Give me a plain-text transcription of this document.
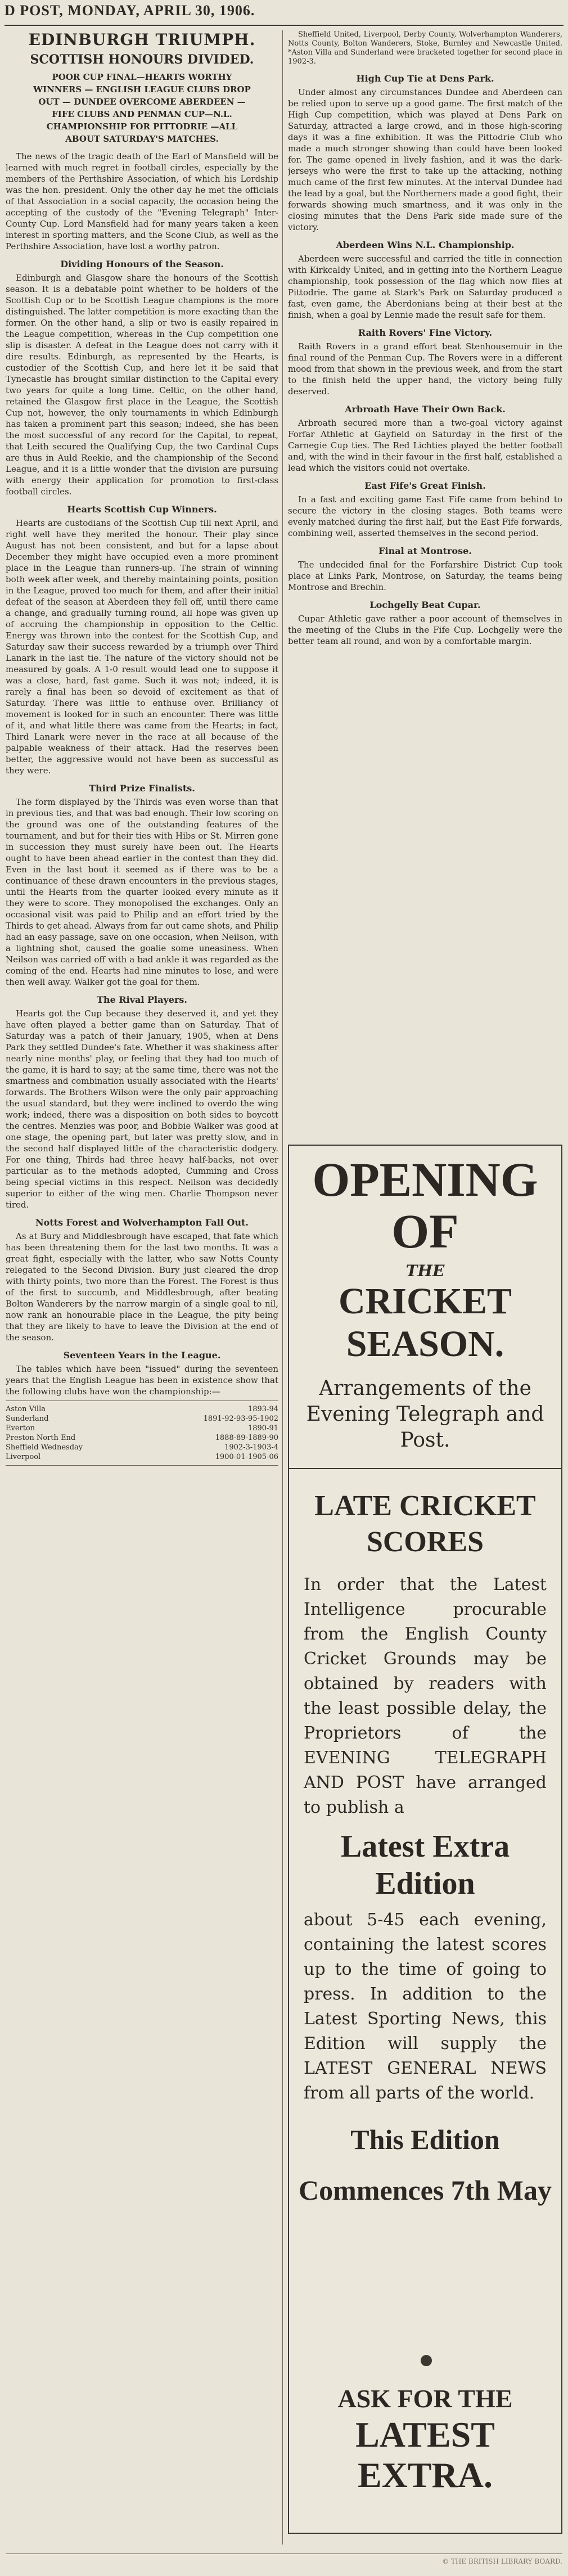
D POST, MONDAY, APRIL 30, 1906.
EDINBURGH TRIUMPH.
SCOTTISH HONOURS DIVIDED.
POOR CUP FINAL—HEARTS WORTHY WINNERS — ENGLISH LEAGUE CLUBS DROP OUT — DUNDEE OVERCOME ABERDEEN — FIFE CLUBS AND PENMAN CUP—N.L. CHAMPIONSHIP FOR PITTODRIE —ALL ABOUT SATURDAY'S MATCHES.

The news of the tragic death of the Earl of Mansfield will be learned with much regret in football circles, especially by the members of the Perthshire Association, of which his Lordship was the hon. president. Only the other day he met the officials of that Association in a social capacity, the occasion being the accepting of the custody of the "Evening Telegraph" Inter-County Cup. Lord Mansfield had for many years taken a keen interest in sporting matters, and the Scone Club, as well as the Perthshire Association, have lost a worthy patron.

Dividing Honours of the Season.

Edinburgh and Glasgow share the honours of the Scottish season. It is a debatable point whether to be holders of the Scottish Cup or to be Scottish League champions is the more distinguished. The latter competition is more exacting than the former. On the other hand, a slip or two is easily repaired in the League competition, whereas in the Cup competition one slip is disaster. A defeat in the League does not carry with it dire results. Edinburgh, as represented by the Hearts, is custodier of the Scottish Cup, and here let it be said that Tynecastle has brought similar distinction to the Capital every two years for quite a long time. Celtic, on the other hand, retained the Glasgow first place in the League, the Scottish Cup not, however, the only tournaments in which Edinburgh has taken a prominent part this season; indeed, she has been the most successful of any record for the Capital, to repeat, that Leith secured the Qualifying Cup, the two Cardinal Cups are thus in Auld Reekie, and the championship of the Second League, and it is a little wonder that the division are pursuing with energy their application for promotion to first-class football circles.

Hearts Scottish Cup Winners.

Hearts are custodians of the Scottish Cup till next April, and right well have they merited the honour. Their play since August has not been consistent, and but for a lapse about December they might have occupied even a more prominent place in the League than runners-up. The strain of winning both week after week, and thereby maintaining points, position in the League, proved too much for them, and after their initial defeat of the season at Aberdeen they fell off, until there came a change, and gradually turning round, all hope was given up of accruing the championship in opposition to the Celtic. Energy was thrown into the contest for the Scottish Cup, and Saturday saw their success rewarded by a triumph over Third Lanark in the last tie. The nature of the victory should not be measured by goals. A 1-0 result would lead one to suppose it was a close, hard, fast game. Such it was not; indeed, it is rarely a final has been so devoid of excitement as that of Saturday. There was little to enthuse over. Brilliancy of movement is looked for in such an encounter. There was little of it, and what little there was came from the Hearts; in fact, Third Lanark were never in the race at all because of the palpable weakness of their attack. Had the reserves been better, the aggressive would not have been as successful as they were.

Third Prize Finalists.

The form displayed by the Thirds was even worse than that in previous ties, and that was bad enough. Their low scoring on the ground was one of the outstanding features of the tournament, and but for their ties with Hibs or St. Mirren gone in succession they must surely have been out. The Hearts ought to have been ahead earlier in the contest than they did. Even in the last bout it seemed as if there was to be a continuance of these drawn encounters in the previous stages, until the Hearts from the quarter looked every minute as if they were to score. They monopolised the exchanges. Only an occasional visit was paid to Philip and an effort tried by the Thirds to get ahead. Always from far out came shots, and Philip had an easy passage, save on one occasion, when Neilson, with a lightning shot, caused the goalie some uneasiness. When Neilson was carried off with a bad ankle it was regarded as the coming of the end. Hearts had nine minutes to lose, and were then well away. Walker got the goal for them.

The Rival Players.

Hearts got the Cup because they deserved it, and yet they have often played a better game than on Saturday. That of Saturday was a patch of their January, 1905, when at Dens Park they settled Dundee's fate. Whether it was shakiness after nearly nine months' play, or feeling that they had too much of the game, it is hard to say; at the same time, there was not the smartness and combination usually associated with the Hearts' forwards. The Brothers Wilson were the only pair approaching the usual standard, but they were inclined to overdo the wing work; indeed, there was a disposition on both sides to boycott the centres. Menzies was poor, and Bobbie Walker was good at one stage, the opening part, but later was pretty slow, and in the second half displayed little of the characteristic dodgery. For one thing, Thirds had three heavy half-backs, not over particular as to the methods adopted, Cumming and Cross being special victims in this respect. Neilson was decidedly superior to either of the wing men. Charlie Thompson never tired.

Notts Forest and Wolverhampton Fall Out.

As at Bury and Middlesbrough have escaped, that fate which has been threatening them for the last two months. It was a great fight, especially with the latter, who saw Notts County relegated to the Second Division. Bury just cleared the drop with thirty points, two more than the Forest. The Forest is thus of the first to succumb, and Middlesbrough, after beating Bolton Wanderers by the narrow margin of a single goal to nil, now rank an honourable place in the League, the pity being that they are likely to have to leave the Division at the end of the season.

Seventeen Years in the League.

The tables which have been "issued" during the seventeen years that the English League has been in existence show that the following clubs have won the championship:—

Aston Villa	1893-94
Sunderland	1891-92-93-95-1902
Everton	1890-91
Preston North End	1888-89-1889-90
Sheffield Wednesday	1902-3-1903-4
Liverpool	1900-01-1905-06

Sheffield United, Liverpool, Derby County, Wolverhampton Wanderers, Notts County, Bolton Wanderers, Stoke, Burnley and Newcastle United. *Aston Villa and Sunderland were bracketed together for second place in 1902-3.

High Cup Tie at Dens Park.

Under almost any circumstances Dundee and Aberdeen can be relied upon to serve up a good game. The first match of the High Cup competition, which was played at Dens Park on Saturday, attracted a large crowd, and in those high-scoring days it was a fine exhibition. It was the Pittodrie Club who made a much stronger showing than could have been looked for. The game opened in lively fashion, and it was the dark-jerseys who were the first to take up the attacking, nothing much came of the first few minutes. At the interval Dundee had the lead by a goal, but the Northerners made a good fight, their forwards showing much smartness, and it was only in the closing minutes that the Dens Park side made sure of the victory.

Aberdeen Wins N.L. Championship.

Aberdeen were successful and carried the title in connection with Kirkcaldy United, and in getting into the Northern League championship, took possession of the flag which now flies at Pittodrie. The game at Stark's Park on Saturday produced a fast, even game, the Aberdonians being at their best at the finish, when a goal by Lennie made the result safe for them.

Raith Rovers' Fine Victory.

Raith Rovers in a grand effort beat Stenhousemuir in the final round of the Penman Cup. The Rovers were in a different mood from that shown in the previous week, and from the start to the finish held the upper hand, the victory being fully deserved.

Arbroath Have Their Own Back.

Arbroath secured more than a two-goal victory against Forfar Athletic at Gayfield on Saturday in the first of the Carnegie Cup ties. The Red Lichties played the better football and, with the wind in their favour in the first half, established a lead which the visitors could not overtake.

East Fife's Great Finish.

In a fast and exciting game East Fife came from behind to secure the victory in the closing stages. Both teams were evenly matched during the first half, but the East Fife forwards, combining well, asserted themselves in the second period.

Final at Montrose.

The undecided final for the Forfarshire District Cup took place at Links Park, Montrose, on Saturday, the teams being Montrose and Brechin.

Lochgelly Beat Cupar.

Cupar Athletic gave rather a poor account of themselves in the meeting of the Clubs in the Fife Cup. Lochgelly were the better team all round, and won by a comfortable margin.

OPENING OF
THE
CRICKET SEASON.
Arrangements of the Evening Telegraph and Post.
LATE CRICKET SCORES
In order that the Latest Intelligence procurable from the English County Cricket Grounds may be obtained by readers with the least possible delay, the Proprietors of the EVENING TELEGRAPH AND POST have arranged to publish a
Latest Extra Edition
about 5-45 each evening, containing the latest scores up to the time of going to press. In addition to the Latest Sporting News, this Edition will supply the LATEST GENERAL NEWS from all parts of the world.
This Edition
Commences 7th May
ASK FOR THE
LATEST EXTRA.
© THE BRITISH LIBRARY BOARD.
